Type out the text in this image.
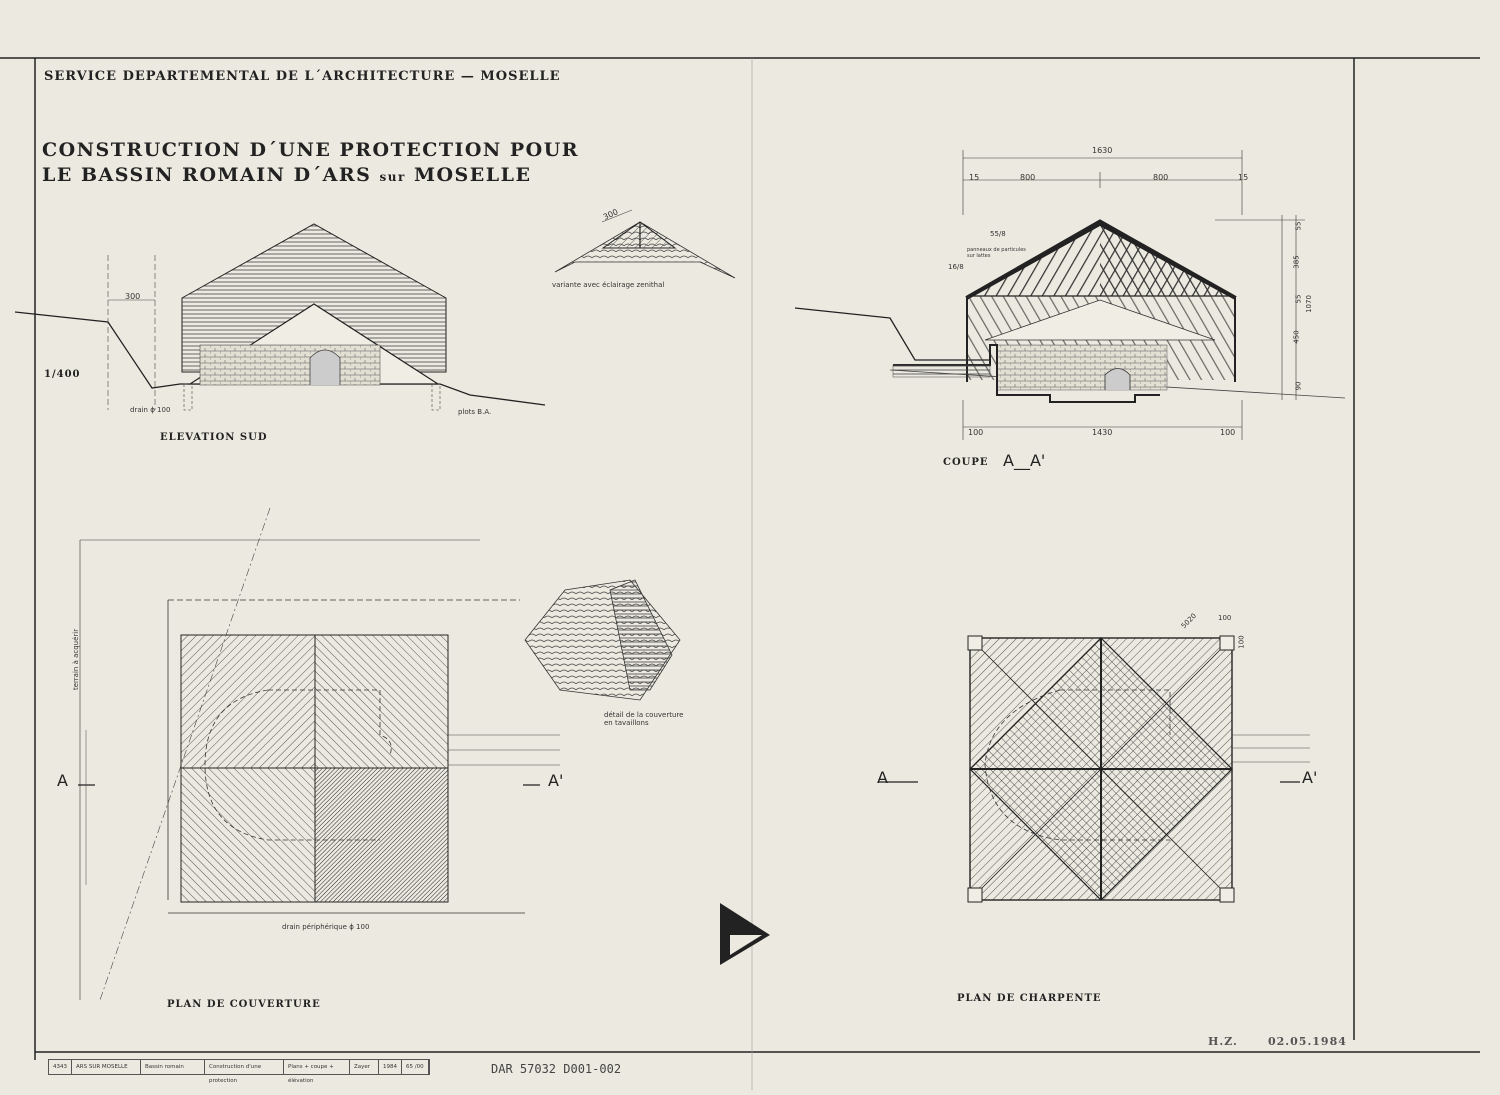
SERVICE DEPARTEMENTAL DE L´ARCHITECTURE — MOSELLE
CONSTRUCTION D´UNE PROTECTION POUR
LE BASSIN ROMAIN D´ARS sur MOSELLE
1/400
300
drain ϕ 100	plots B.A.
ELEVATION SUD
300
variante avec éclairage zenithal
1630
15	800	800	15
55/8
panneaux de particules sur lattes
16/8
55
385
55
450
90
1070
100	1430	100
COUPE A__A'
terrain à acquérir
A	A'
drain périphérique ϕ 100
PLAN DE COUVERTURE
détail de la couverture
en tavaillons
A	A'
100
100
5020
PLAN DE CHARPENTE
H.Z.	02.05.1984
4343	ARS SUR MOSELLE	Bassin romain	Construction d'une protection
Plans + coupe + élévation
Zayer	1984	65 /00	DAR 57032 D001-002
